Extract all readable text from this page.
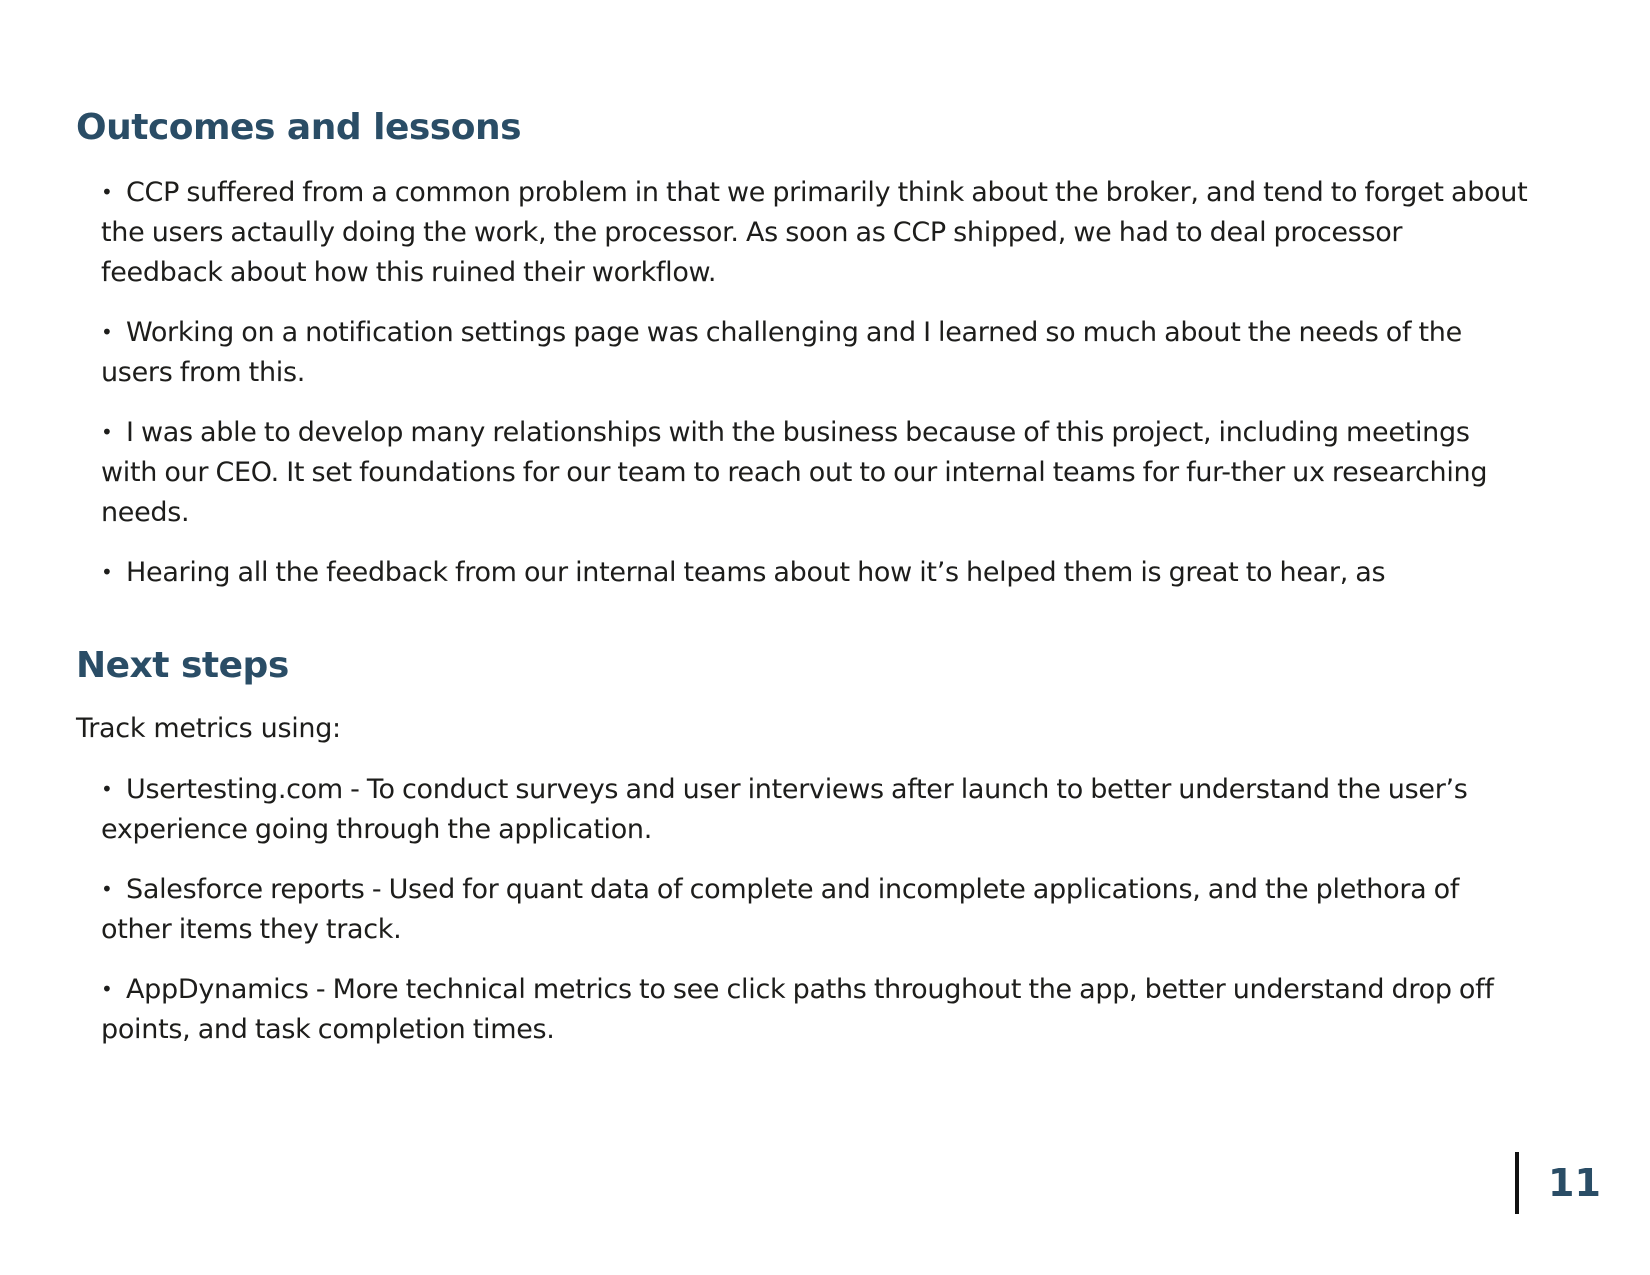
Outcomes and lessons
• CCP suffered from a common problem in that we primarily think about the broker, and tend to forget about the users actaully doing the work, the processor. As soon as CCP shipped, we had to deal processor feedback about how this ruined their workflow.
• Working on a notification settings page was challenging and I learned so much about the needs of the users from this.
• I was able to develop many relationships with the business because of this project, including meetings with our CEO. It set foundations for our team to reach out to our internal teams for fur-ther ux researching needs.
• Hearing all the feedback from our internal teams about how it’s helped them is great to hear, as
Next steps

Track metrics using:

• Usertesting.com - To conduct surveys and user interviews after launch to better understand the user’s experience going through the application.
• Salesforce reports - Used for quant data of complete and incomplete applications, and the plethora of other items they track.
• AppDynamics - More technical metrics to see click paths throughout the app, better understand drop off points, and task completion times.
11
